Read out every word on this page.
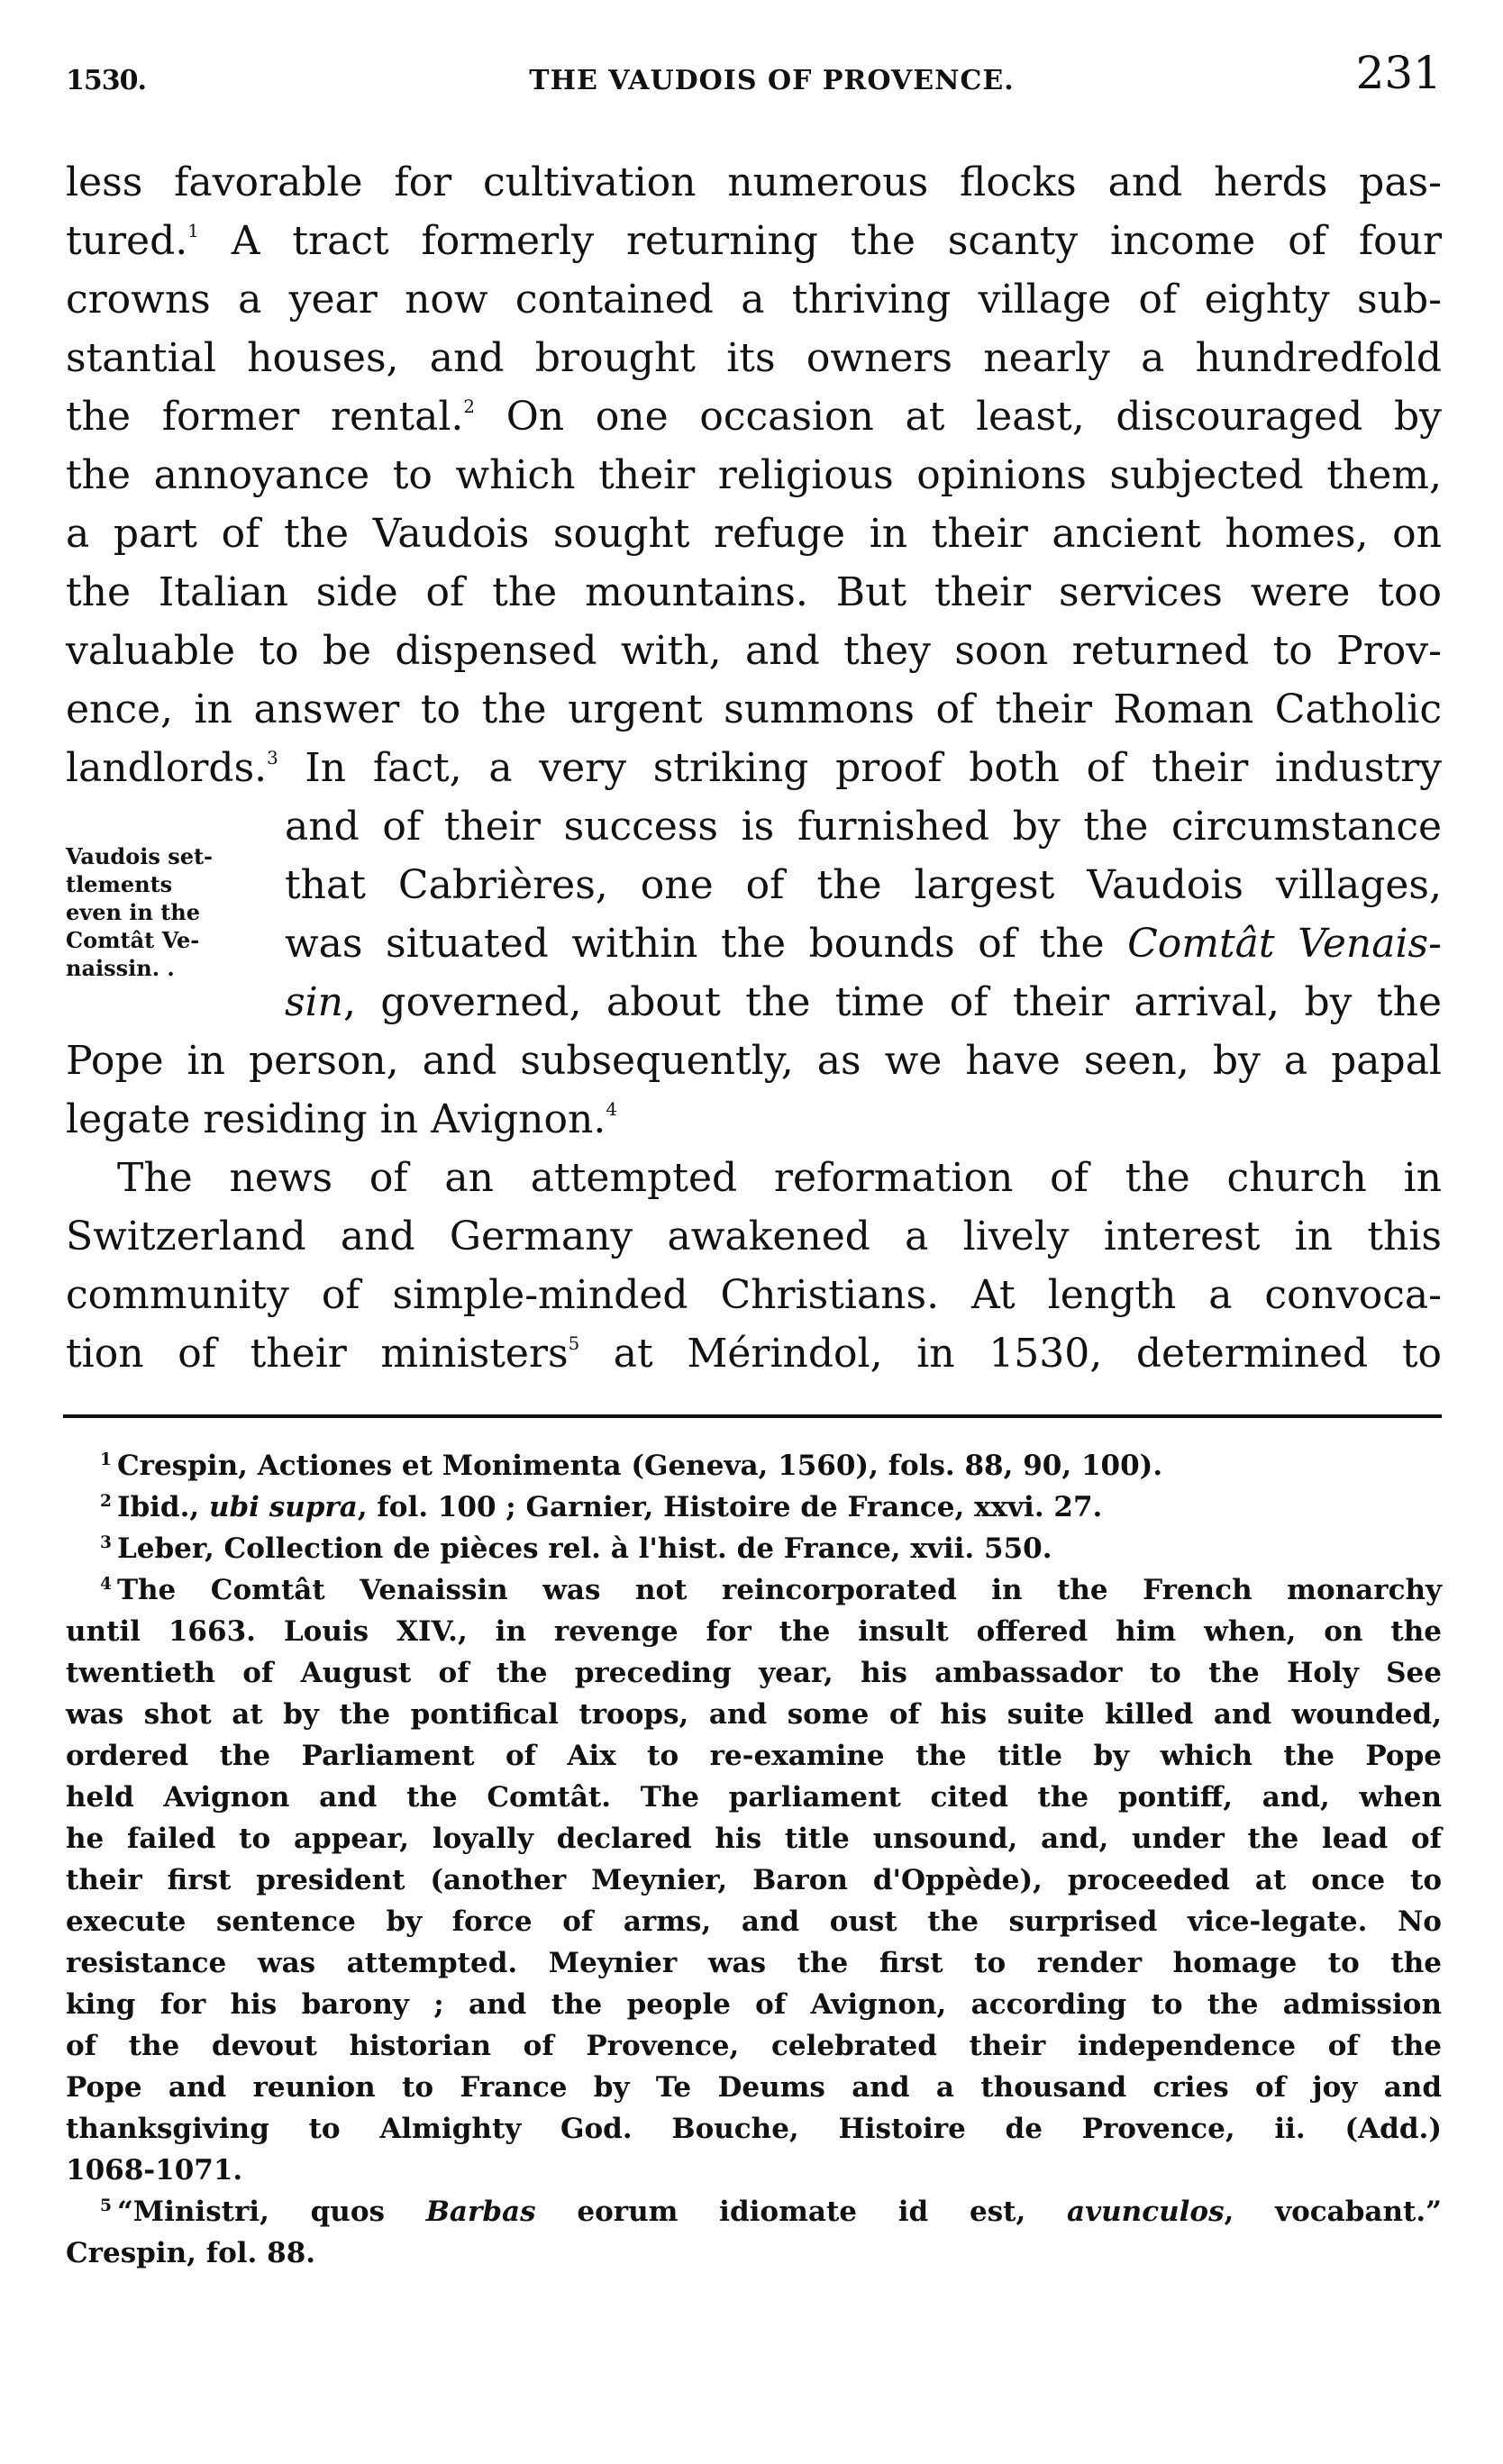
1530.	THE VAUDOIS OF PROVENCE.	231
Vaudois set-
tlements
even in the
Comtât Ve-
naissin. .
less favorable for cultivation numerous flocks and herds pas-
tured.$^1$ A tract formerly returning the scanty income of four
crowns a year now contained a thriving village of eighty sub-
stantial houses, and brought its owners nearly a hundredfold
the former rental.$^2$ On one occasion at least, discouraged by
the annoyance to which their religious opinions subjected them,
a part of the Vaudois sought refuge in their ancient homes, on
the Italian side of the mountains. But their services were too
valuable to be dispensed with, and they soon returned to Prov-
ence, in answer to the urgent summons of their Roman Catholic
landlords.$^3$ In fact, a very striking proof both of their industry
and of their success is furnished by the circumstance
that Cabrières, one of the largest Vaudois villages,
was situated within the bounds of the Comtât Venais-
sin, governed, about the time of their arrival, by the
Pope in person, and subsequently, as we have seen, by a papal
legate residing in Avignon.$^4$
The news of an attempted reformation of the church in
Switzerland and Germany awakened a lively interest in this
community of simple-minded Christians. At length a convoca-
tion of their ministers$^5$ at Mérindol, in 1530, determined to
$^1$ Crespin, Actiones et Monimenta (Geneva, 1560), fols. 88, 90, 100).
$^2$ Ibid., ubi supra, fol. 100 ; Garnier, Histoire de France, xxvi. 27.
$^3$ Leber, Collection de pièces rel. à l'hist. de France, xvii. 550.
$^4$ The Comtât Venaissin was not reincorporated in the French monarchy
until 1663. Louis XIV., in revenge for the insult offered him when, on the
twentieth of August of the preceding year, his ambassador to the Holy See
was shot at by the pontifical troops, and some of his suite killed and wounded,
ordered the Parliament of Aix to re-examine the title by which the Pope
held Avignon and the Comtât. The parliament cited the pontiff, and, when
he failed to appear, loyally declared his title unsound, and, under the lead of
their first president (another Meynier, Baron d'Oppède), proceeded at once to
execute sentence by force of arms, and oust the surprised vice-legate. No
resistance was attempted. Meynier was the first to render homage to the
king for his barony ; and the people of Avignon, according to the admission
of the devout historian of Provence, celebrated their independence of the
Pope and reunion to France by Te Deums and a thousand cries of joy and
thanksgiving to Almighty God. Bouche, Histoire de Provence, ii. (Add.)
1068-1071.
$^5$ “Ministri, quos Barbas eorum idiomate id est, avunculos, vocabant.”
Crespin, fol. 88.
